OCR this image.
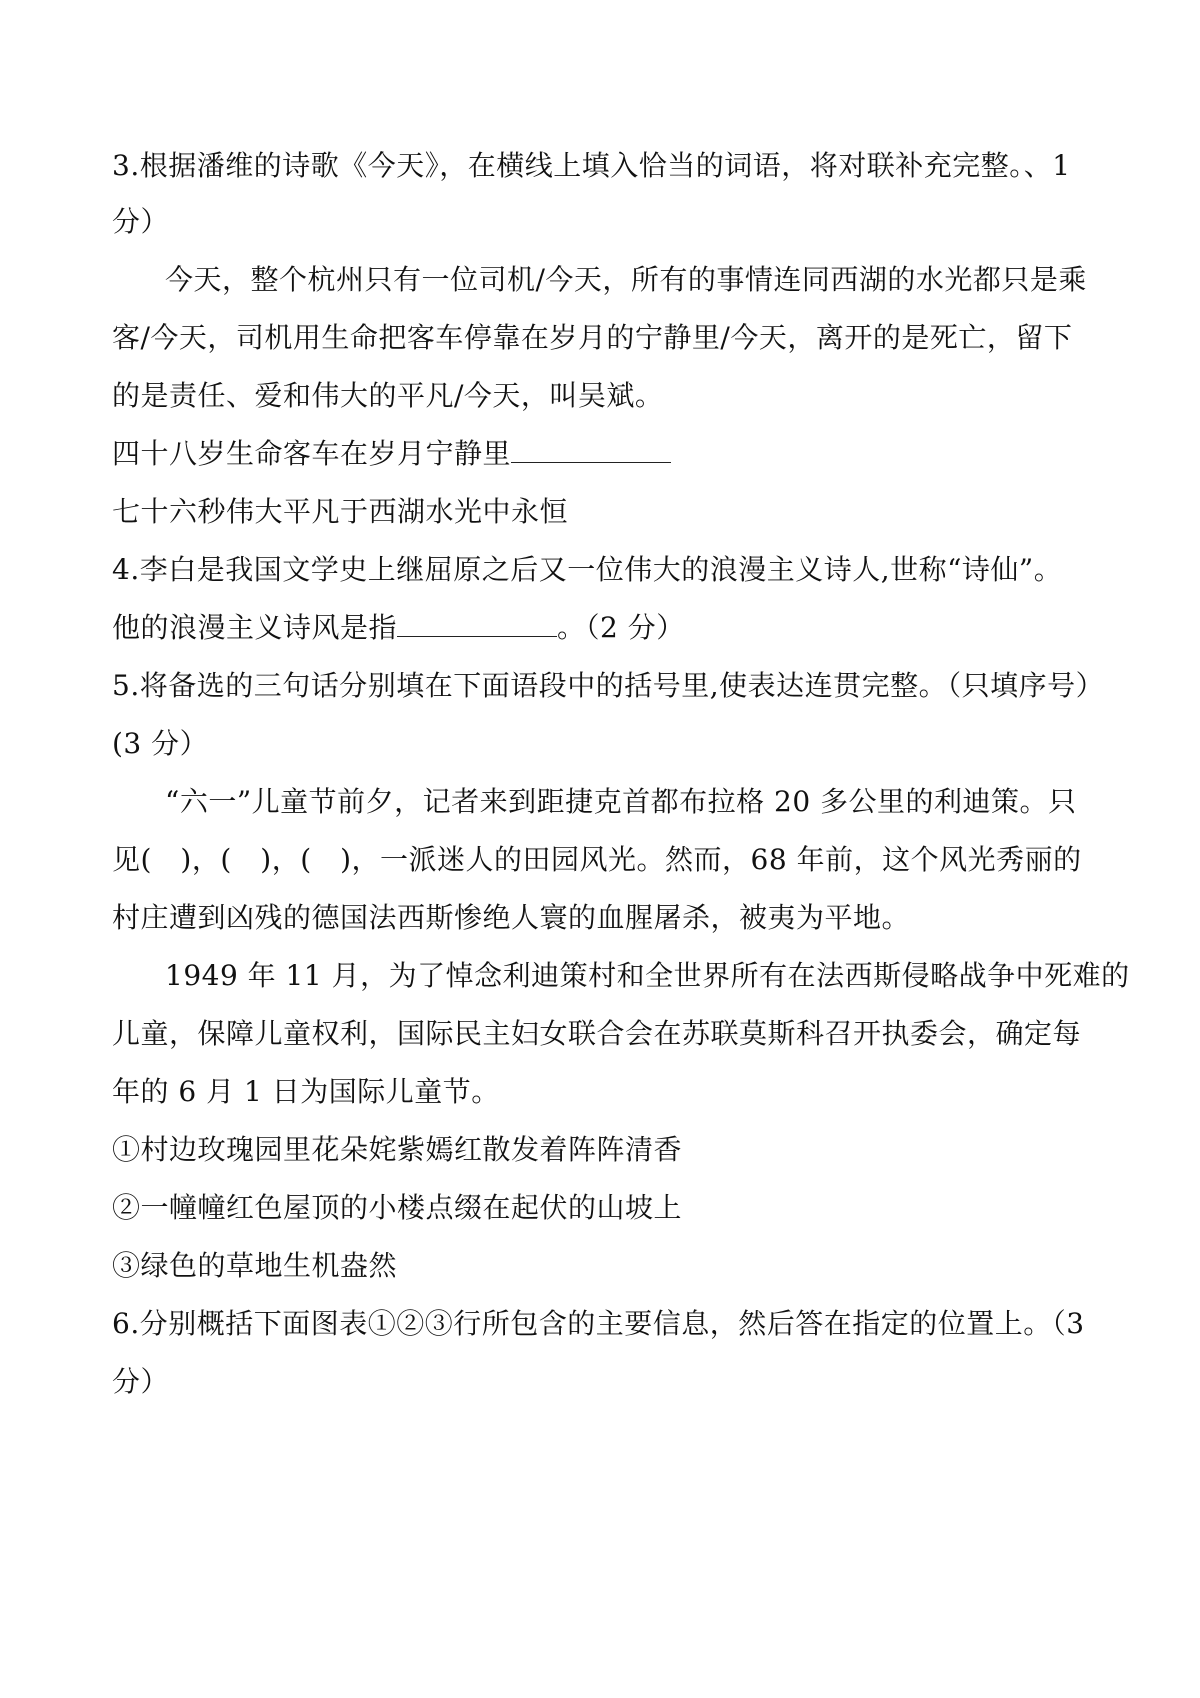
3.根据潘维的诗歌《今天》，在横线上填入恰当的词语，将对联补充完整。、1
分）
今天，整个杭州只有一位司机/今天，所有的事情连同西湖的水光都只是乘
客/今天，司机用生命把客车停靠在岁月的宁静里/今天，离开的是死亡，留下
的是责任、爱和伟大的平凡/今天，叫吴斌。
四十八岁生命客车在岁月宁静里
七十六秒伟大平凡于西湖水光中永恒
4.李白是我国文学史上继屈原之后又一位伟大的浪漫主义诗人,世称“诗仙”。
他的浪漫主义诗风是指	。（2 分）
5.将备选的三句话分别填在下面语段中的括号里,使表达连贯完整。（只填序号）
(3 分）
“六一”儿童节前夕，记者来到距捷克首都布拉格 20 多公里的利迪策。只
见(　)，(　)，(　)，一派迷人的田园风光。然而，68 年前，这个风光秀丽的
村庄遭到凶残的德国法西斯惨绝人寰的血腥屠杀，被夷为平地。
1949 年 11 月，为了悼念利迪策村和全世界所有在法西斯侵略战争中死难的
儿童，保障儿童权利，国际民主妇女联合会在苏联莫斯科召开执委会，确定每
年的 6 月 1 日为国际儿童节。
①村边玫瑰园里花朵姹紫嫣红散发着阵阵清香
②一幢幢红色屋顶的小楼点缀在起伏的山坡上
③绿色的草地生机盎然
6.分别概括下面图表①②③行所包含的主要信息，然后答在指定的位置上。（3
分）
